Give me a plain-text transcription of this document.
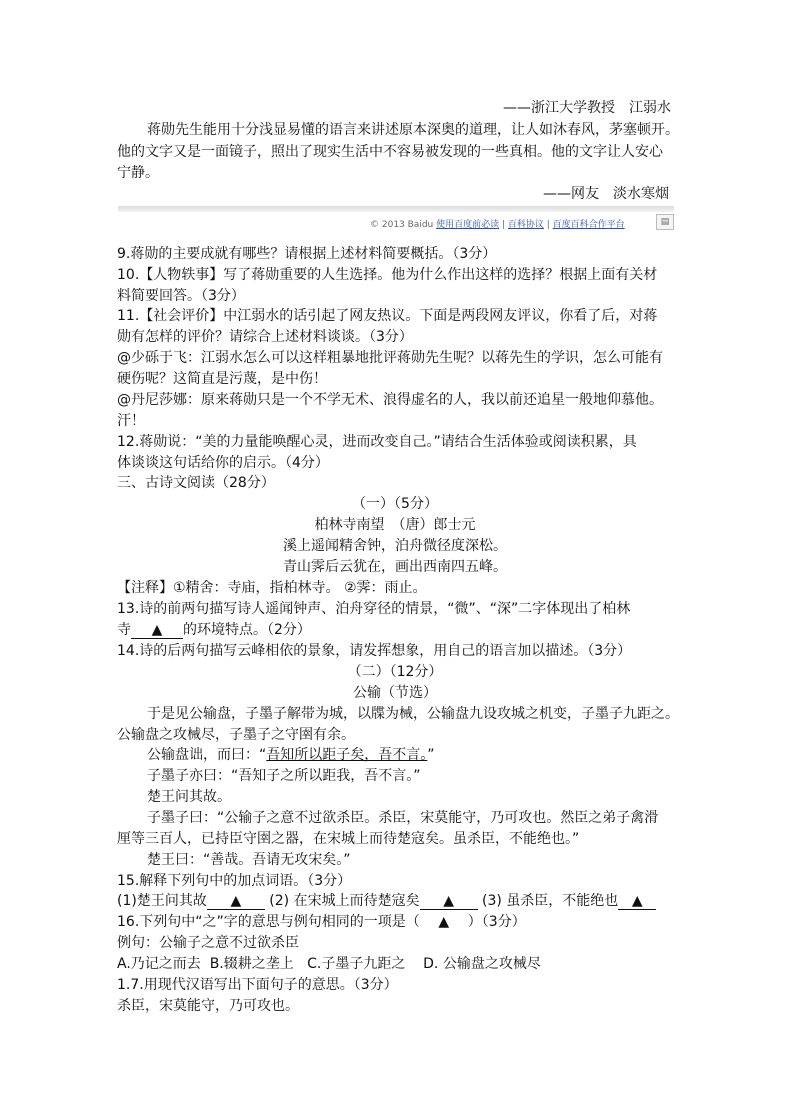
——浙江大学教授　江弱水
蒋勋先生能用十分浅显易懂的语言来讲述原本深奥的道理，让人如沐春风，茅塞顿开。
他的文字又是一面镜子，照出了现实生活中不容易被发现的一些真相。他的文字让人安心
宁静。
——网友　淡水寒烟
© 2013 Baidu 使用百度前必读 | 百科协议 | 百度百科合作平台	▤
9.蒋勋的主要成就有哪些？请根据上述材料简要概括。（3分）
10.【人物轶事】写了蒋勋重要的人生选择。他为什么作出这样的选择？根据上面有关材
料简要回答。（3分）
11.【社会评价】中江弱水的话引起了网友热议。下面是两段网友评议，你看了后，对蒋
勋有怎样的评价？请综合上述材料谈谈。（3分）
@少砾于飞：江弱水怎么可以这样粗暴地批评蒋勋先生呢？以蒋先生的学识，怎么可能有
硬伤呢？这简直是污蔑，是中伤！
@丹尼莎娜：原来蒋勋只是一个不学无术、浪得虚名的人，我以前还追星一般地仰慕他。
汗！
12.蒋勋说：“美的力量能唤醒心灵，进而改变自己。”请结合生活体验或阅读积累，具
体谈谈这句话给你的启示。（4分）
三、古诗文阅读（28分）
（一）（5分）
柏林寺南望　（唐）郎士元
溪上遥闻精舍钟，泊舟微径度深松。
青山霁后云犹在，画出西南四五峰。
【注释】①精舍：寺庙，指柏林寺。 ②霁：雨止。
13.诗的前两句描写诗人遥闻钟声、泊舟穿径的情景，“微”、“深”二字体现出了柏林
寺 ▲ 的环境特点。（2分）
14.诗的后两句描写云峰相依的景象，请发挥想象，用自己的语言加以描述。（3分）
（二）（12分）
公输（节选）
于是见公输盘，子墨子解带为城，以牒为械，公输盘九设攻城之机变，子墨子九距之。
公输盘之攻械尽，子墨子之守圉有余。
公输盘诎，而曰：“吾知所以距子矣，吾不言。”
子墨子亦曰：“吾知子之所以距我，吾不言。”
楚王问其故。
子墨子曰：“公输子之意不过欲杀臣。杀臣，宋莫能守，乃可攻也。然臣之弟子禽滑
厘等三百人，已持臣守圉之器，在宋城上而待楚寇矣。虽杀臣，不能绝也。”
楚王曰：“善哉。吾请无攻宋矣。”
15.解释下列句中的加点词语。（3分）
(1)楚王问其故 ▲ (2) 在宋城上而待楚寇矣 ▲ (3) 虽杀臣，不能绝也 ▲
16.下列句中“之”字的意思与例句相同的一项是（ ▲ ）（3分）
例句：公输子之意不过欲杀臣
A.乃记之而去 B.辍耕之垄上 C.子墨子九距之 D. 公输盘之攻械尽
1.7.用现代汉语写出下面句子的意思。（3分）
杀臣，宋莫能守，乃可攻也。
